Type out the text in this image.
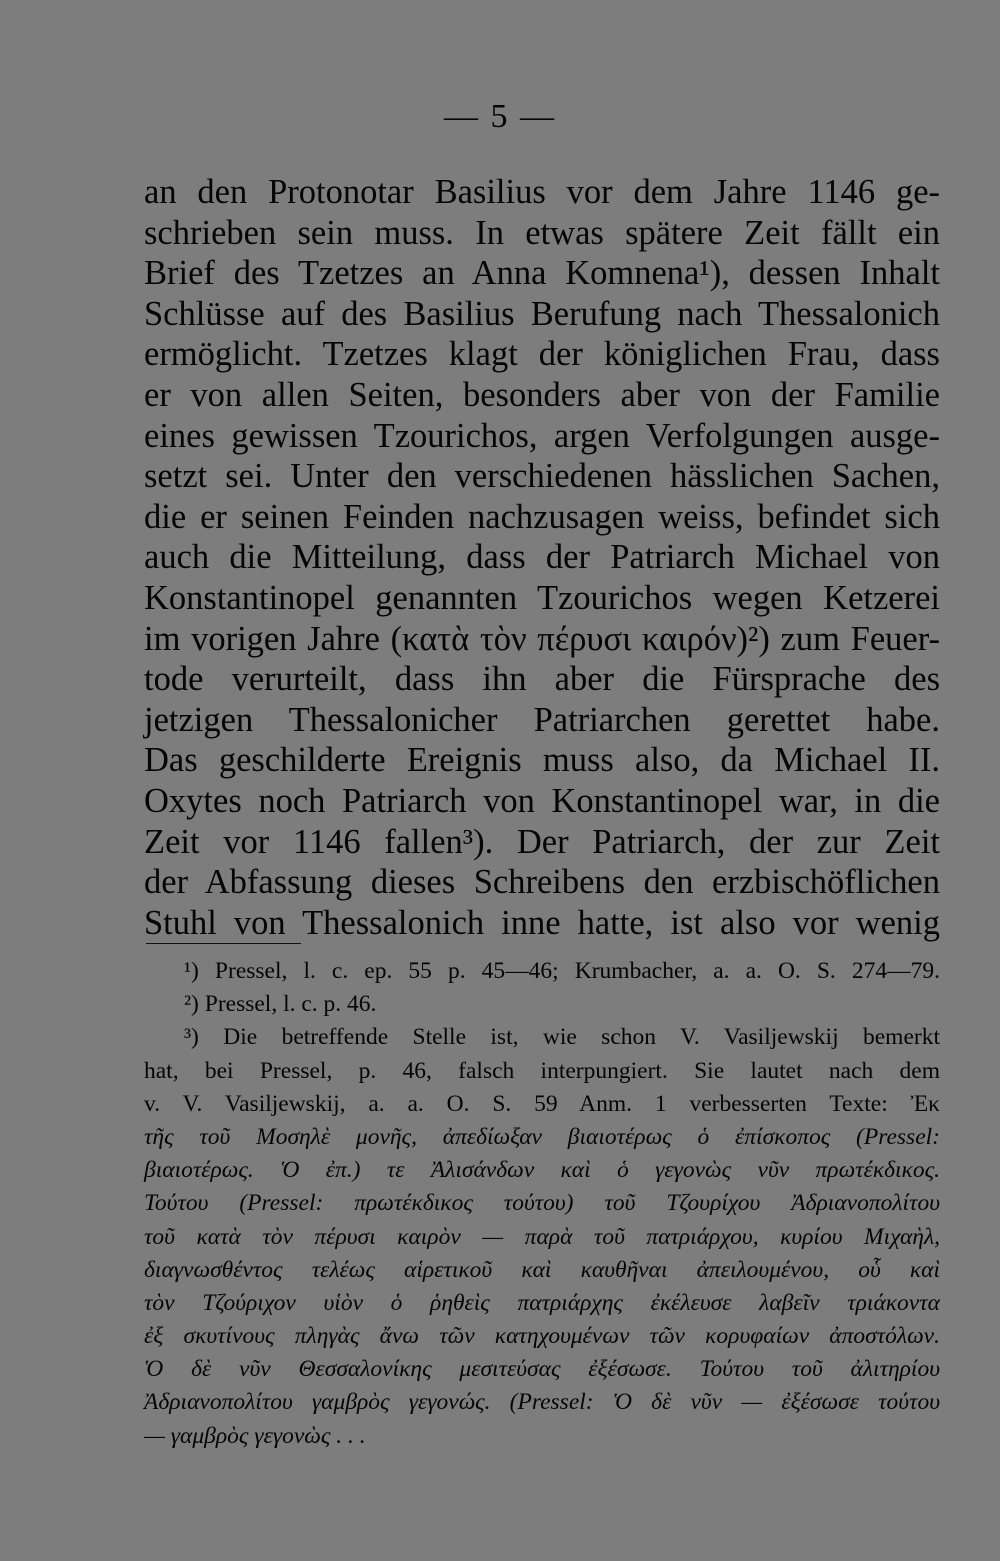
— 5 —
an den Protonotar Basilius vor dem Jahre 1146 ge-
schrieben sein muss. In etwas spätere Zeit fällt ein
Brief des Tzetzes an Anna Komnena¹), dessen Inhalt
Schlüsse auf des Basilius Berufung nach Thessalonich
ermöglicht. Tzetzes klagt der königlichen Frau, dass
er von allen Seiten, besonders aber von der Familie
eines gewissen Tzourichos, argen Verfolgungen ausge-
setzt sei. Unter den verschiedenen hässlichen Sachen,
die er seinen Feinden nachzusagen weiss, befindet sich
auch die Mitteilung, dass der Patriarch Michael von
Konstantinopel genannten Tzourichos wegen Ketzerei
im vorigen Jahre (κατὰ τὸν πέρυσι καιρόν)²) zum Feuer-
tode verurteilt, dass ihn aber die Fürsprache des
jetzigen Thessalonicher Patriarchen gerettet habe.
Das geschilderte Ereignis muss also, da Michael II.
Oxytes noch Patriarch von Konstantinopel war, in die
Zeit vor 1146 fallen³). Der Patriarch, der zur Zeit
der Abfassung dieses Schreibens den erzbischöflichen
Stuhl von Thessalonich inne hatte, ist also vor wenig
¹) Pressel, l. c. ep. 55 p. 45—46; Krumbacher, a. a. O. S. 274—79.
²) Pressel, l. c. p. 46.
³) Die betreffende Stelle ist, wie schon V. Vasiljewskij bemerkt
hat, bei Pressel, p. 46, falsch interpungiert. Sie lautet nach dem
v. V. Vasiljewskij, a. a. O. S. 59 Anm. 1 verbesserten Texte: Ἐκ
τῆς τοῦ Μοσηλὲ μονῆς, ἀπεδίωξαν βιαιοτέρως ὁ ἐπίσκοπος (Pressel:
βιαιοτέρως. Ὁ ἐπ.) τε Ἀλισάνδων καὶ ὁ γεγονὼς νῦν πρωτέκδικος.
Τούτου (Pressel: πρωτέκδικος τούτου) τοῦ Τζουρίχου Ἀδριανοπολίτου
τοῦ κατὰ τὸν πέρυσι καιρὸν — παρὰ τοῦ πατριάρχου, κυρίου Μιχαὴλ,
διαγνωσθέντος τελέως αἱρετικοῦ καὶ καυθῆναι ἀπειλουμένου, οὗ καὶ
τὸν Τζούριχον υἱὸν ὁ ῥηθεὶς πατριάρχης ἐκέλευσε λαβεῖν τριάκοντα
ἐξ σκυτίνους πληγὰς ἄνω τῶν κατηχουμένων τῶν κορυφαίων ἀποστόλων.
Ὁ δὲ νῦν Θεσσαλονίκης μεσιτεύσας ἐξέσωσε. Τούτου τοῦ ἀλιτηρίου
Ἀδριανοπολίτου γαμβρὸς γεγονώς. (Pressel: Ὁ δὲ νῦν — ἐξέσωσε τούτου
— γαμβρὸς γεγονὼς . . .
